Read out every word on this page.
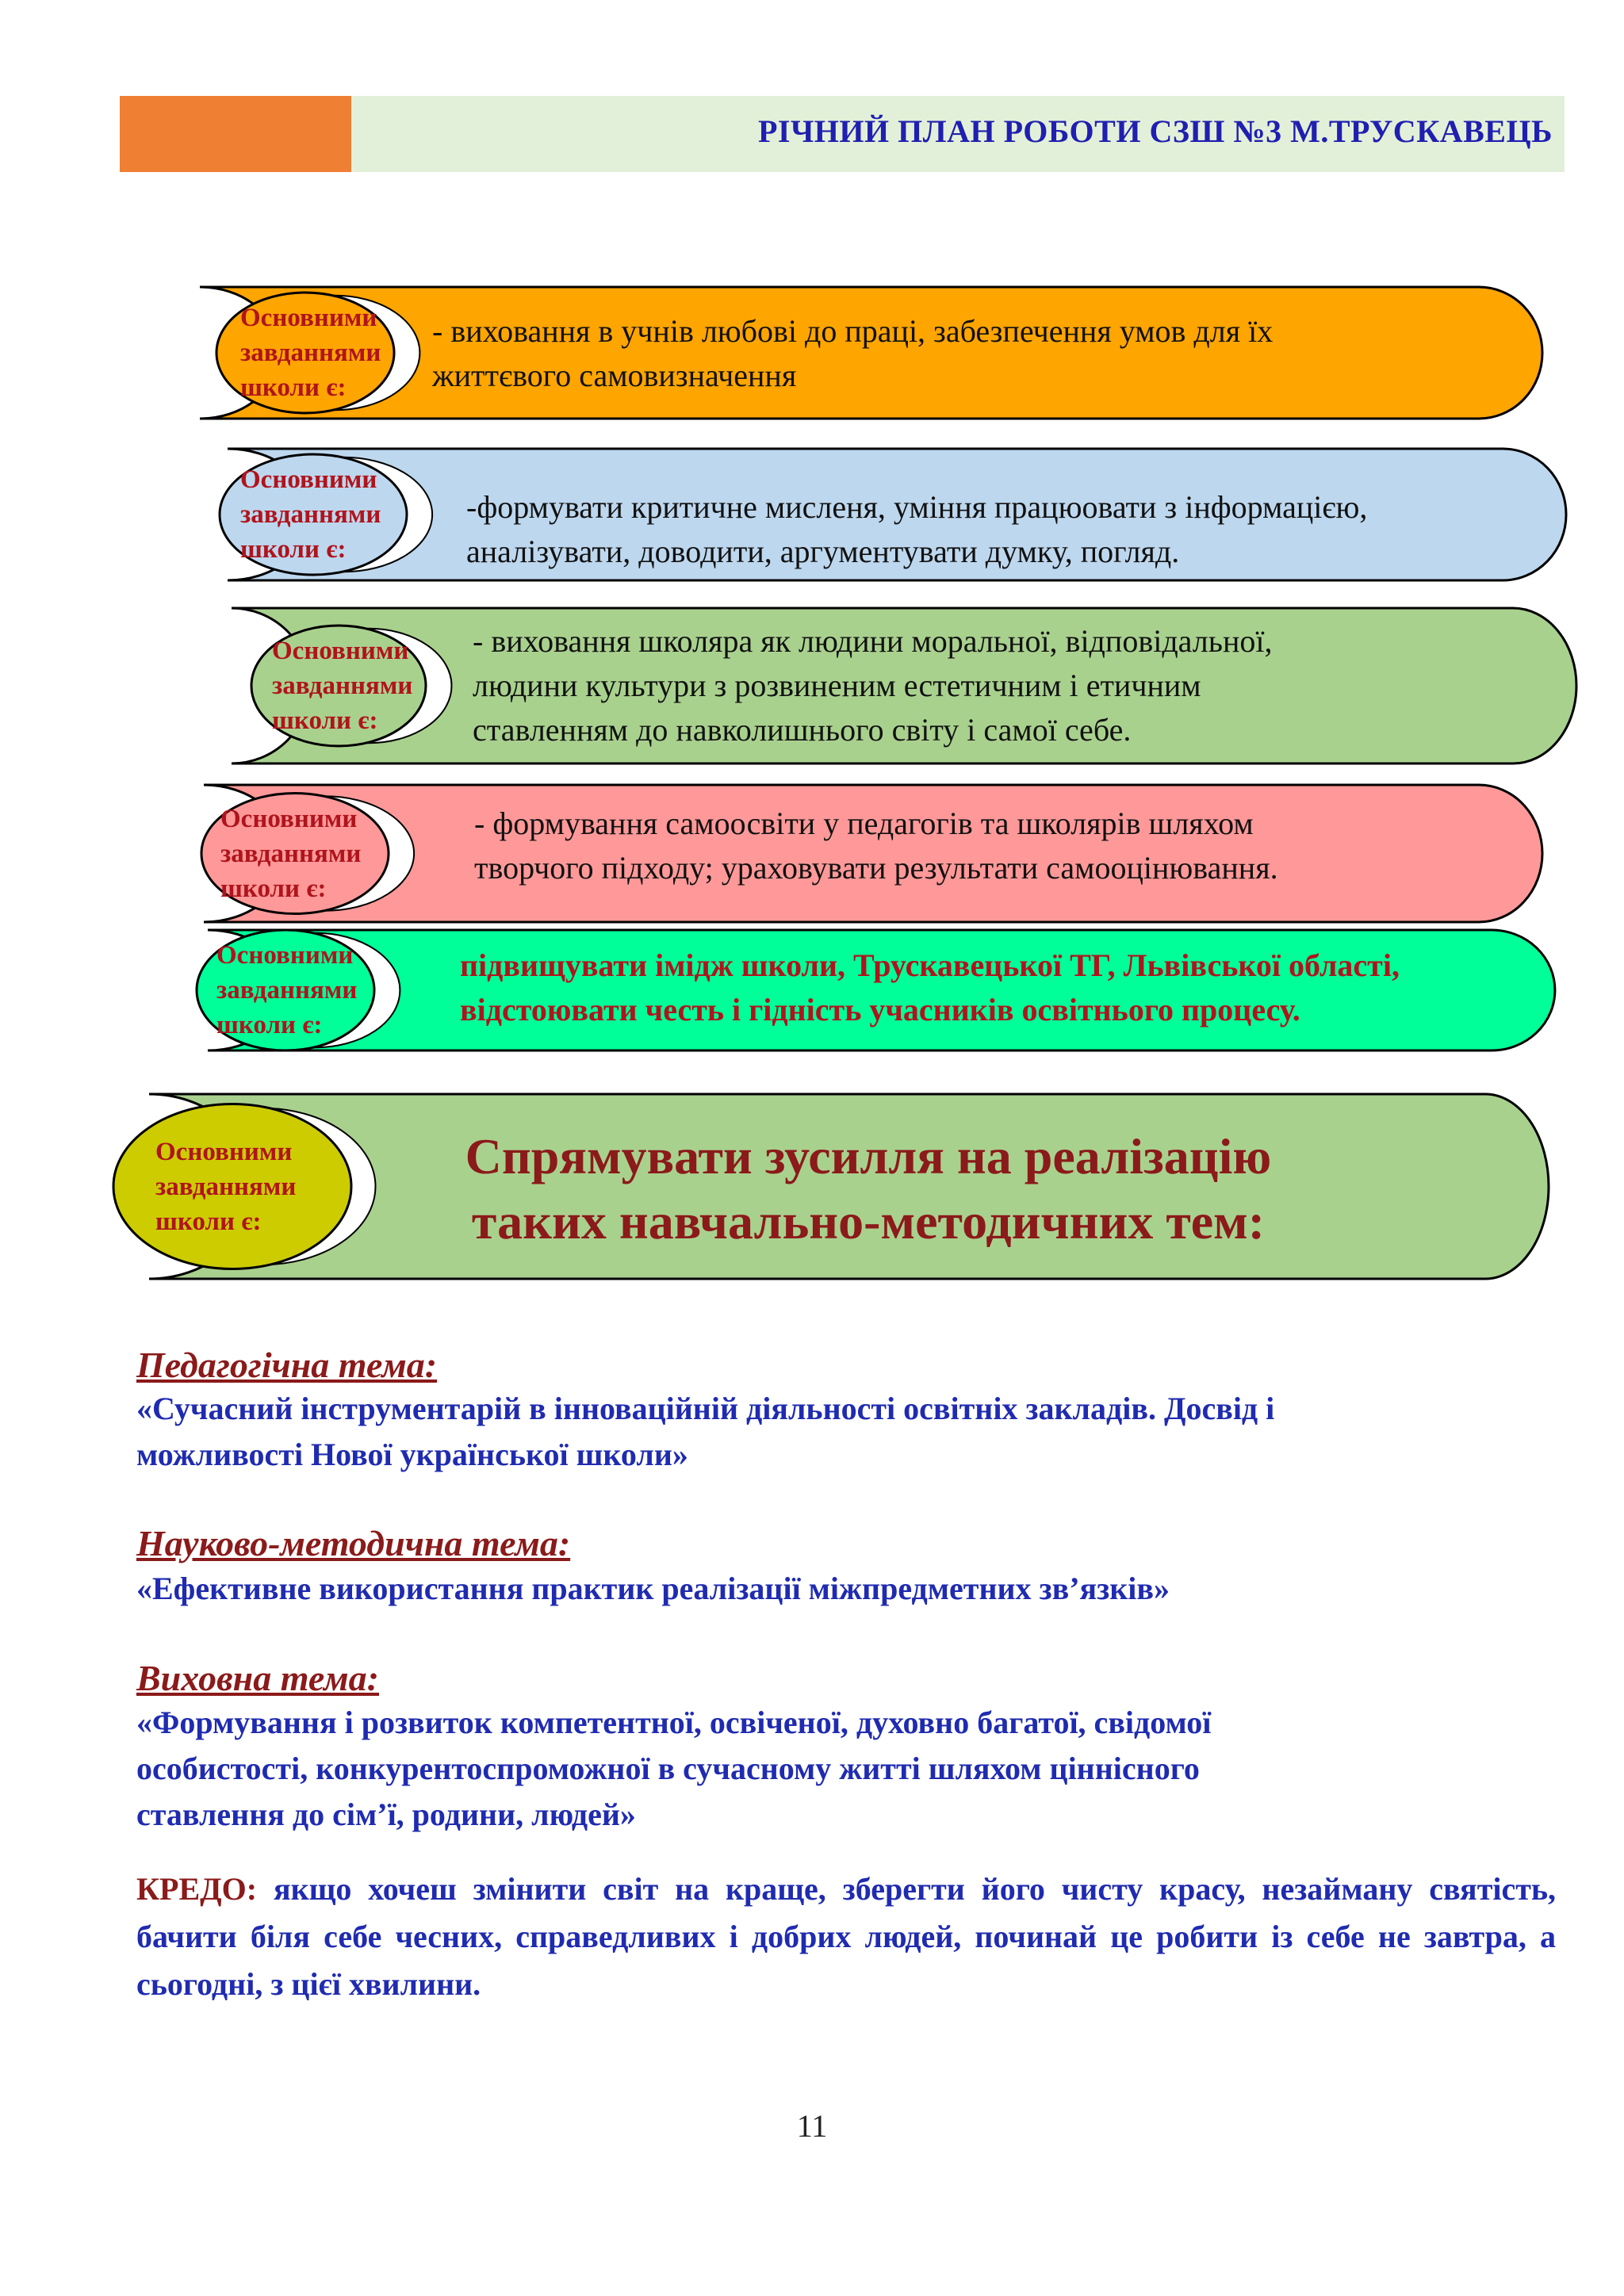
РІЧНИЙ ПЛАН РОБОТИ СЗШ №3 М.ТРУСКАВЕЦЬ
Основними
завданнями
школи є:
- виховання в учнів любові до праці, забезпечення умов для їх
життєвого самовизначення
Основними
завданнями
школи є:
-формувати критичне мисленя, уміння працюовати з інформацією,
аналізувати, доводити, аргументувати думку, погляд.
Основними
завданнями
школи є:
- виховання школяра як людини моральної, відповідальної,
людини культури з розвиненим естетичним і етичним
ставленням до навколишнього світу і самої себе.
Основними
завданнями
школи є:
- формування самоосвіти у педагогів та школярів шляхом
творчого підходу; ураховувати результати самооцінювання.
Основними
завданнями
школи є:
підвищувати імідж школи, Трускавецької ТГ, Львівської області,
відстоювати честь і гідність учасників освітнього процесу.
Основними
завданнями
школи є:
Спрямувати зусилля на реалізацію
таких навчально-методичних тем:
Педагогічна тема:
«Сучасний інструментарій в інноваційній діяльності освітніх закладів. Досвід і
можливості Нової української школи»
Науково-методична тема:
«Ефективне використання практик реалізації міжпредметних зв’язків»
Виховна тема:
«Формування і розвиток компетентної, освіченої, духовно багатої, свідомої
особистості, конкурентоспроможної в сучасному житті шляхом ціннісного
ставлення до сім’ї, родини, людей»
КРЕДО: якщо хочеш змінити світ на краще, зберегти його чисту красу, незайману святість, бачити біля себе чесних, справедливих і добрих людей, починай це робити із себе не завтра, а сьогодні, з цієї хвилини.
11
